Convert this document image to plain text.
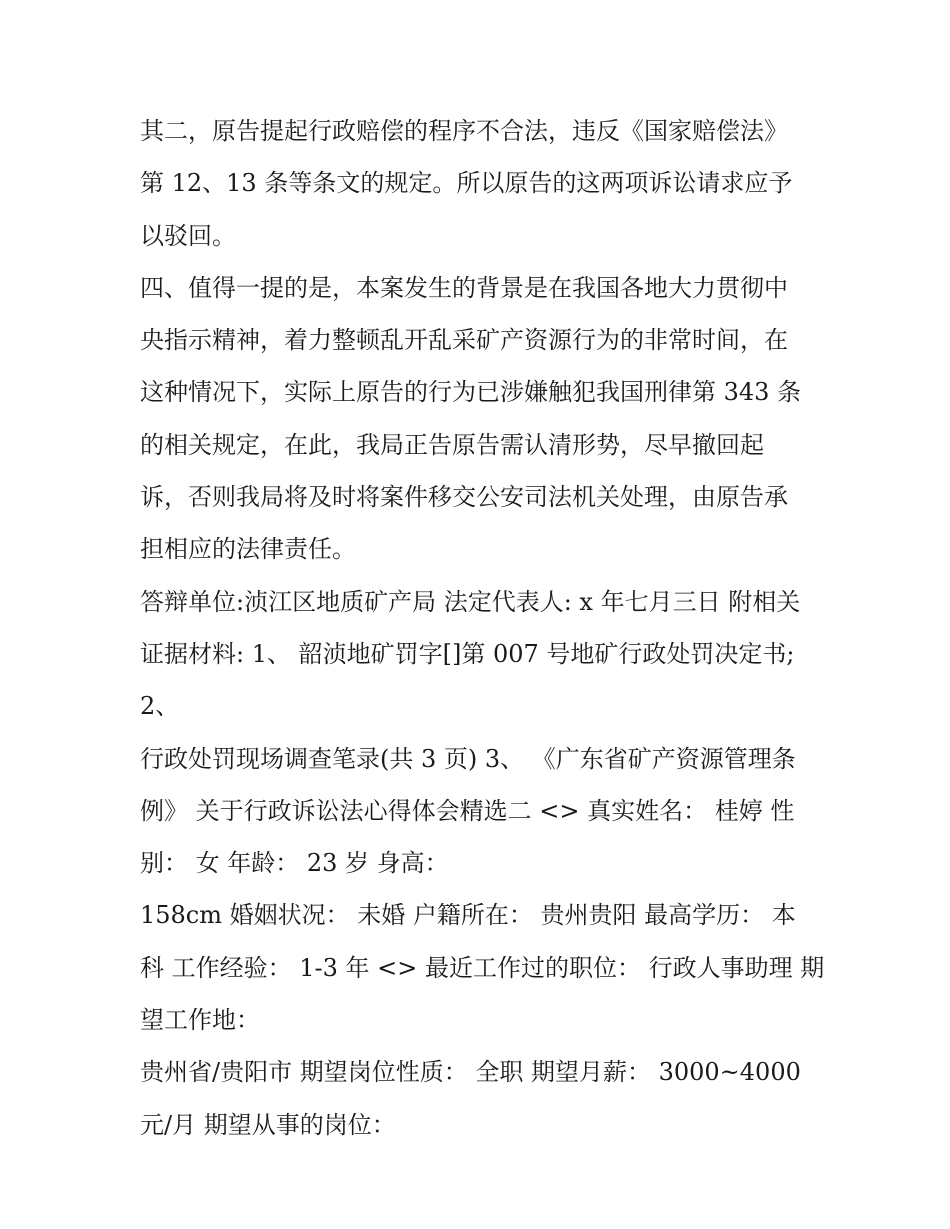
其二，原告提起行政赔偿的程序不合法，违反《国家赔偿法》
第 12、13 条等条文的规定。所以原告的这两项诉讼请求应予
以驳回。
四、值得一提的是，本案发生的背景是在我国各地大力贯彻中
央指示精神，着力整顿乱开乱采矿产资源行为的非常时间，在
这种情况下，实际上原告的行为已涉嫌触犯我国刑律第 343 条
的相关规定，在此，我局正告原告需认清形势，尽早撤回起
诉，否则我局将及时将案件移交公安司法机关处理，由原告承
担相应的法律责任。
答辩单位:浈江区地质矿产局 法定代表人: x 年七月三日 附相关
证据材料: 1、 韶浈地矿罚字[]第 007 号地矿行政处罚决定书;
2、
行政处罚现场调查笔录(共 3 页) 3、 《广东省矿产资源管理条
例》 关于行政诉讼法心得体会精选二 <> 真实姓名： 桂婷 性
别： 女 年龄： 23 岁 身高：
158cm 婚姻状况： 未婚 户籍所在： 贵州贵阳 最高学历： 本
科 工作经验： 1-3 年 <> 最近工作过的职位： 行政人事助理 期
望工作地：
贵州省/贵阳市 期望岗位性质： 全职 期望月薪： 3000~4000
元/月 期望从事的岗位：
